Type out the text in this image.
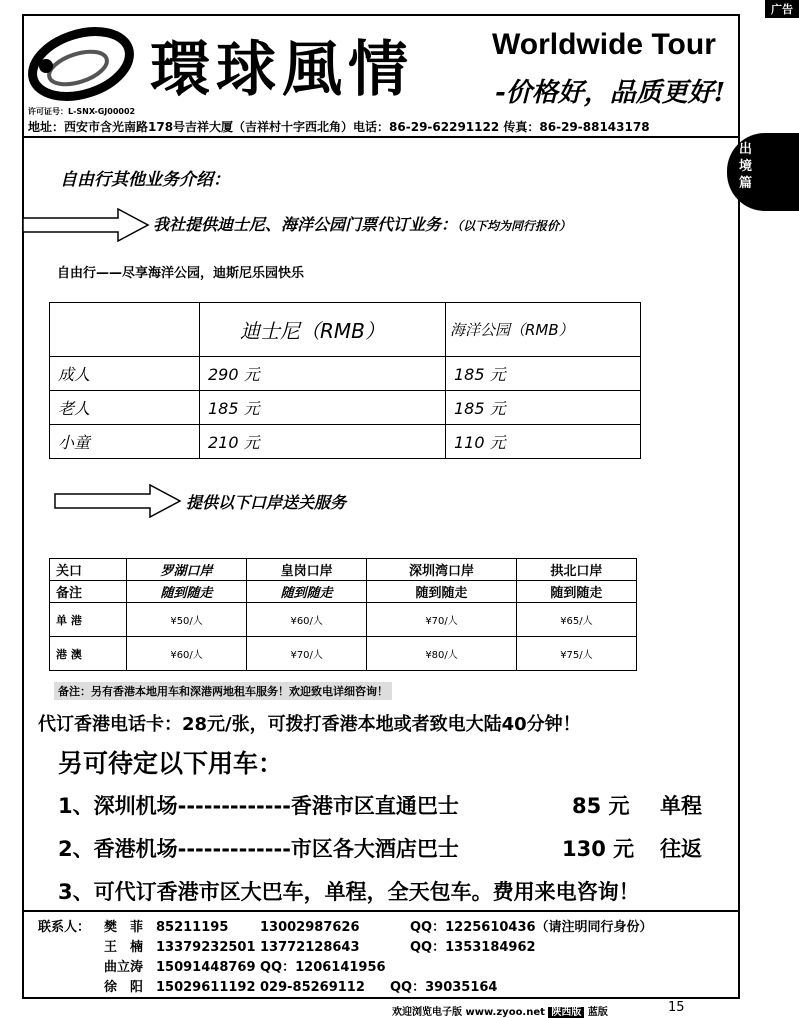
广告
環球風情	Worldwide Tour
-价格好，品质更好!
许可证号：L-SNX-GJ00002
地址：西安市含光南路178号吉祥大厦（吉祥村十字西北角）电话：86-29-62291122 传真：86-29-88143178
出境篇
自由行其他业务介绍：
我社提供迪士尼、海洋公园门票代订业务：（以下均为同行报价）
自由行——尽享海洋公园，迪斯尼乐园快乐
	迪士尼（RMB）	海洋公园（RMB）
成人	290 元	185 元
老人	185 元	185 元
小童	210 元	110 元
提供以下口岸送关服务
关口	罗湖口岸	皇岗口岸	深圳湾口岸	拱北口岸
备注	随到随走	随到随走	随到随走	随到随走
单 港	¥50/人	¥60/人	¥70/人	¥65/人
港 澳	¥60/人	¥70/人	¥80/人	¥75/人
备注：另有香港本地用车和深港两地租车服务！欢迎致电详细咨询！
代订香港电话卡：28元/张，可拨打香港本地或者致电大陆40分钟！
另可待定以下用车：
1、深圳机场-------------香港市区直通巴士	85 元 单程
2、香港机场-------------市区各大酒店巴士	130 元 往返
3、可代订香港市区大巴车，单程，全天包车。费用来电咨询！
联系人： 樊　菲 85211195 13002987626	QQ：1225610436（请注明同行身份）
王　楠 13379232501 13772128643	QQ：1353184962
曲立涛 15091448769 QQ：1206141956
徐　阳 15029611192 029-85269112 QQ：39035164
欢迎浏览电子版 www.zyoo.net 陕西版 蓝版	15
